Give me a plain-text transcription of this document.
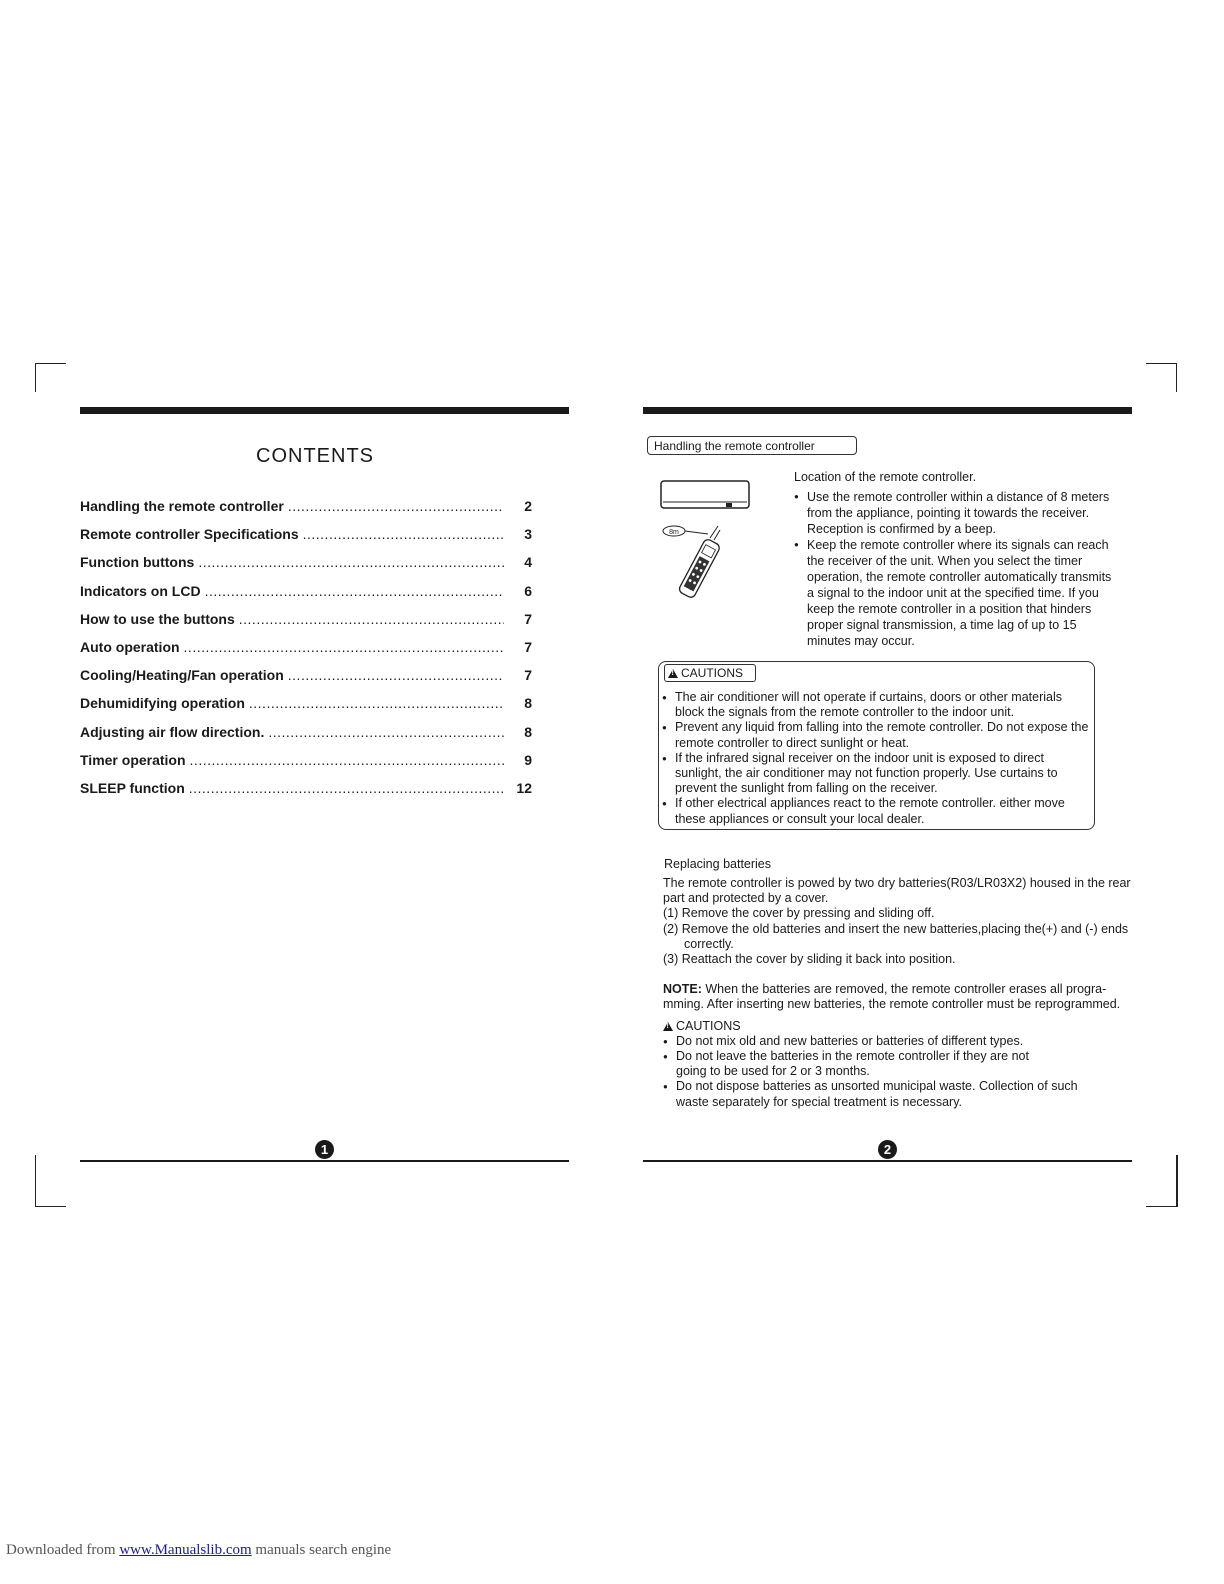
CONTENTS
Handling the remote controller .....	2
Remote controller Specifications .....	3
Function buttons .....	4
Indicators on LCD .....	6
How to use the buttons .....	7
Auto operation .....	7
Cooling/Heating/Fan operation .....	7
Dehumidifying operation .....	8
Adjusting air flow direction. .....	8
Timer operation .....	9
SLEEP function .....	12
1
Handling the remote controller
8m
Location of the remote controller.
● Use the remote controller within a distance of 8 meters from the appliance, pointing it towards the receiver. Reception is confirmed by a beep.
● Keep the remote controller where its signals can reach the receiver of the unit. When you select the timer operation, the remote controller automatically transmits a signal to the indoor unit at the specified time. If you keep the remote controller in a position that hinders proper signal transmission, a time lag of up to 15 minutes may occur.
!CAUTIONS
● The air conditioner will not operate if curtains, doors or other materials block the signals from the remote controller to the indoor unit.
● Prevent any liquid from falling into the remote controller. Do not expose the remote controller to direct sunlight or heat.
● If the infrared signal receiver on the indoor unit is exposed to direct sunlight, the air conditioner may not function properly. Use curtains to prevent the sunlight from falling on the receiver.
● If other electrical appliances react to the remote controller. either move these appliances or consult your local dealer.
Replacing batteries
The remote controller is powed by two dry batteries(R03/LR03X2) housed in the rear part and protected by a cover.
(1) Remove the cover by pressing and sliding off.
(2) Remove the old batteries and insert the new batteries,placing the(+) and (-) ends correctly.
(3) Reattach the cover by sliding it back into position.
NOTE: When the batteries are removed, the remote controller erases all progra-mming. After inserting new batteries, the remote controller must be reprogrammed.
!CAUTIONS
● Do not mix old and new batteries or batteries of different types.
● Do not leave the batteries in the remote controller if they are not going to be used for 2 or 3 months.
● Do not dispose batteries as unsorted municipal waste. Collection of such waste separately for special treatment is necessary.
2
Downloaded from www.Manualslib.com manuals search engine
